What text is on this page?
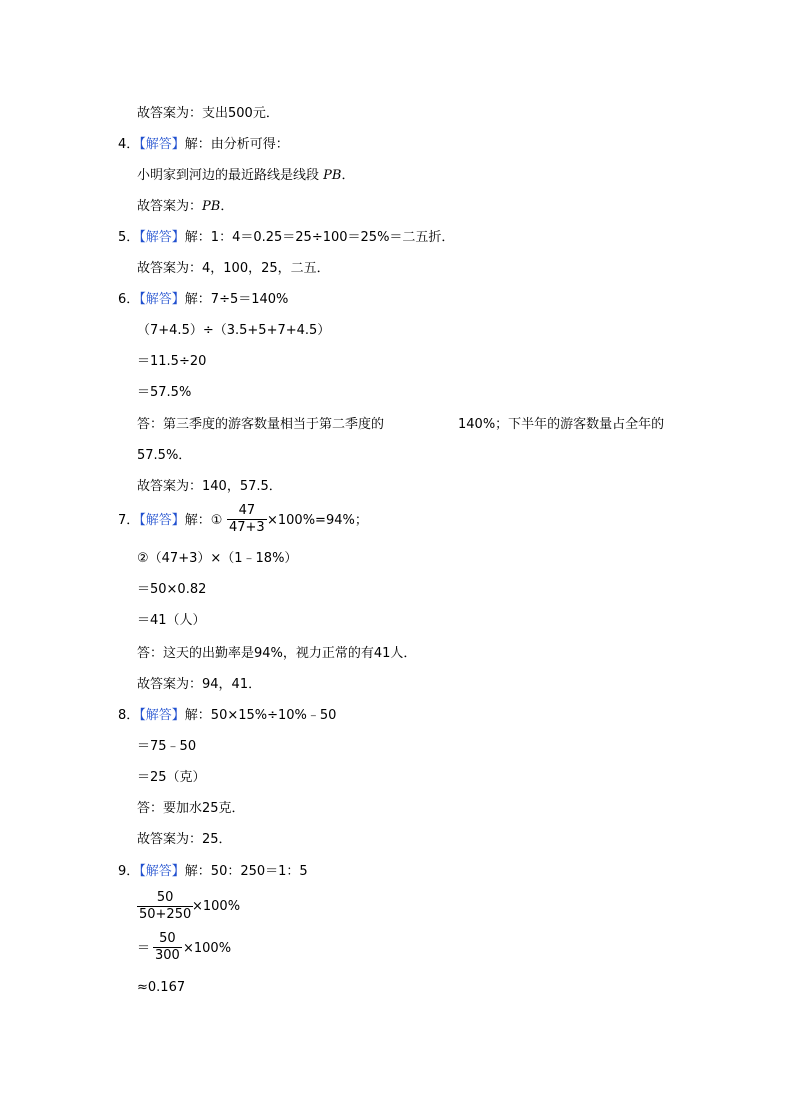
故答案为：支出500元．
4．【解答】解：由分析可得：
小明家到河边的最近路线是线段 PB．
故答案为：PB．
5．【解答】解：1：4＝0.25＝25÷100＝25%＝二五折．
故答案为：4，100，25，二五．
6．【解答】解：7÷5＝140%
（7+4.5）÷（3.5+5+7+4.5）
＝11.5÷20
＝57.5%
答：第三季度的游客数量相当于第二季度的	140%；下半年的游客数量占全年的
57.5%．
故答案为：140，57.5．
7．【解答】解：① $\frac{47}{47+3} \times 100\%=94\%$；
②（47+3）×（1﹣18%）
＝50×0.82
＝41（人）
答：这天的出勤率是94%，视力正常的有41人．
故答案为：94，41．
8．【解答】解：50×15%÷10%﹣50
＝75﹣50
＝25（克）
答：要加水25克．
故答案为：25．
9．【解答】解：50：250＝1：5
$\frac{50}{50+250}$
×100%
＝ $\frac{50}{300} \times 100\%$
≈0.167
